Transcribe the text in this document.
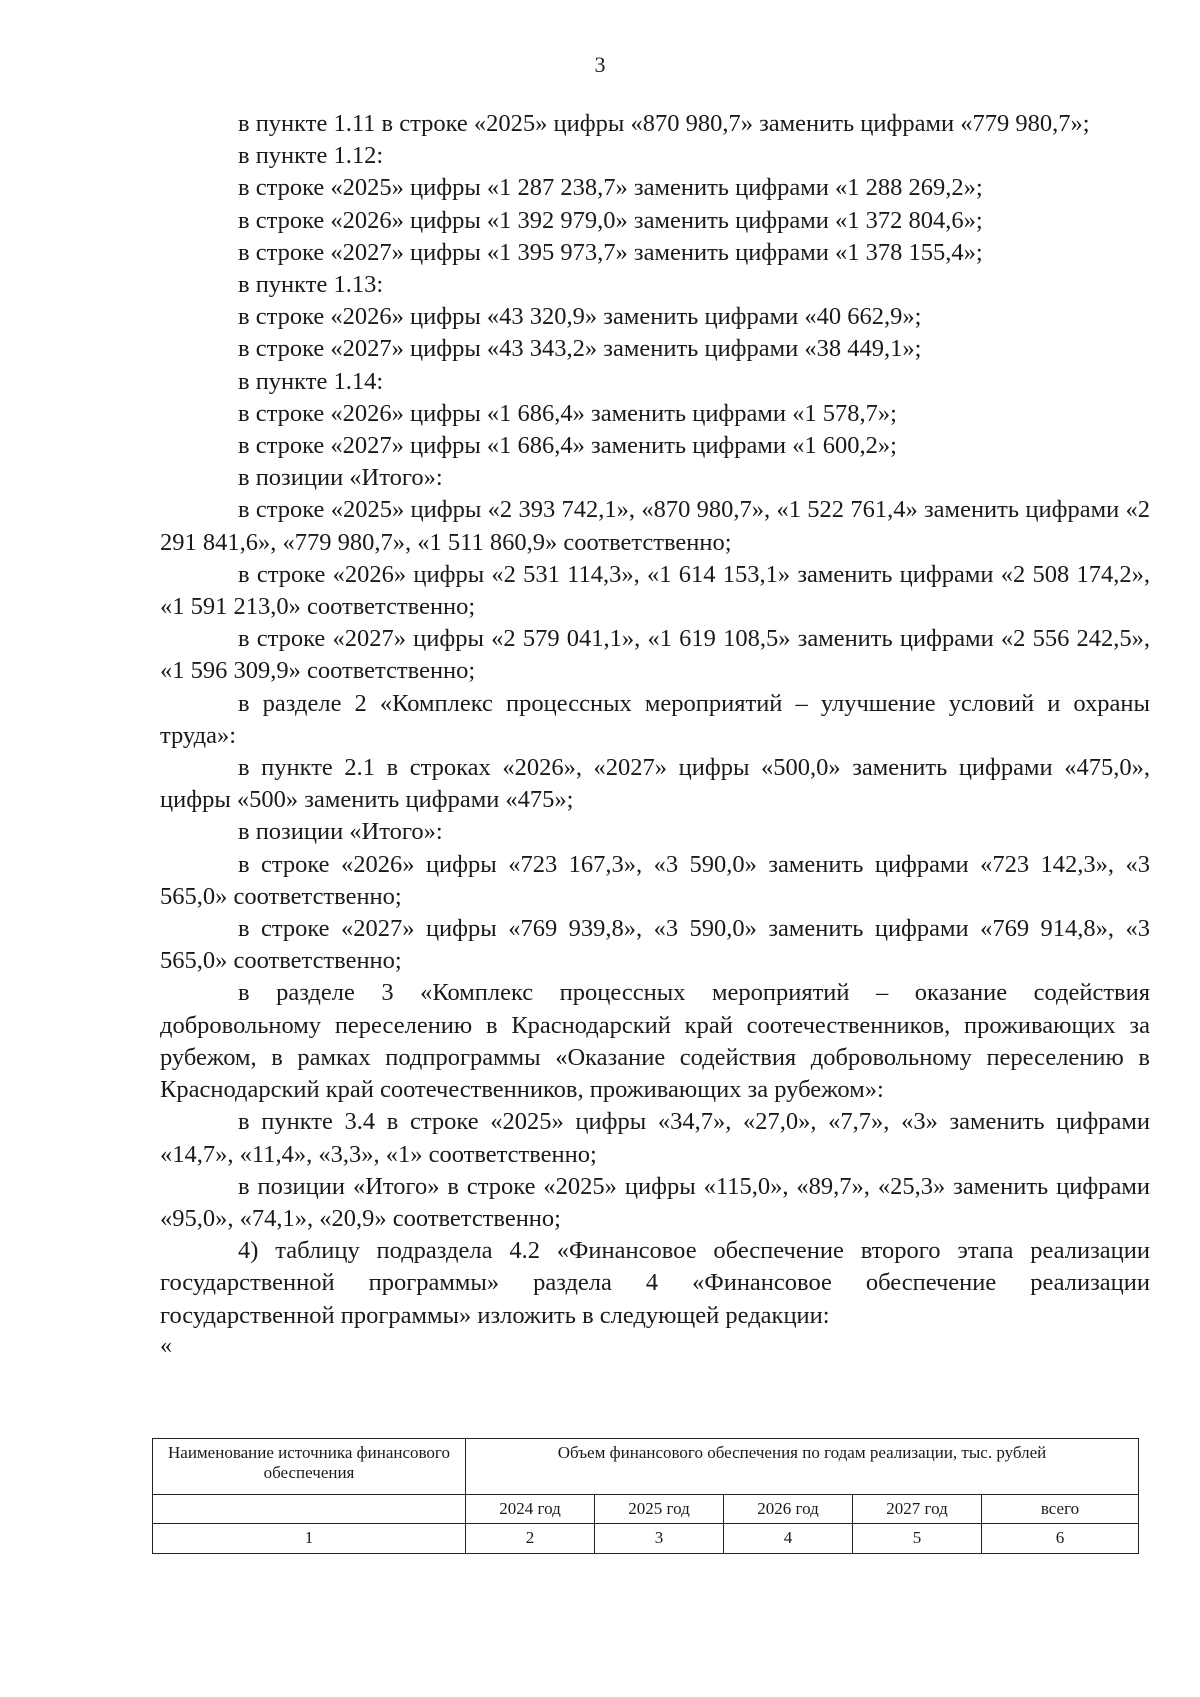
3

в пункте 1.11 в строке «2025» цифры «870 980,7» заменить цифрами «779 980,7»;

в пункте 1.12:

в строке «2025» цифры «1 287 238,7» заменить цифрами «1 288 269,2»;

в строке «2026» цифры «1 392 979,0» заменить цифрами «1 372 804,6»;

в строке «2027» цифры «1 395 973,7» заменить цифрами «1 378 155,4»;

в пункте 1.13:

в строке «2026» цифры «43 320,9» заменить цифрами «40 662,9»;

в строке «2027» цифры «43 343,2» заменить цифрами «38 449,1»;

в пункте 1.14:

в строке «2026» цифры «1 686,4» заменить цифрами «1 578,7»;

в строке «2027» цифры «1 686,4» заменить цифрами «1 600,2»;

в позиции «Итого»:

в строке «2025» цифры «2 393 742,1», «870 980,7», «1 522 761,4» заменить цифрами «2 291 841,6», «779 980,7», «1 511 860,9» соответственно;

в строке «2026» цифры «2 531 114,3», «1 614 153,1» заменить цифрами «2 508 174,2», «1 591 213,0» соответственно;

в строке «2027» цифры «2 579 041,1», «1 619 108,5» заменить цифрами «2 556 242,5», «1 596 309,9» соответственно;

в разделе 2 «Комплекс процессных мероприятий – улучшение условий и охраны труда»:

в пункте 2.1 в строках «2026», «2027» цифры «500,0» заменить цифрами «475,0», цифры «500» заменить цифрами «475»;

в позиции «Итого»:

в строке «2026» цифры «723 167,3», «3 590,0» заменить цифрами «723 142,3», «3 565,0» соответственно;

в строке «2027» цифры «769 939,8», «3 590,0» заменить цифрами «769 914,8», «3 565,0» соответственно;

в разделе 3 «Комплекс процессных мероприятий – оказание содействия добровольному переселению в Краснодарский край соотечественников, проживающих за рубежом, в рамках подпрограммы «Оказание содействия добровольному переселению в Краснодарский край соотечественников, проживающих за рубежом»:

в пункте 3.4 в строке «2025» цифры «34,7», «27,0», «7,7», «3» заменить цифрами «14,7», «11,4», «3,3», «1» соответственно;

в позиции «Итого» в строке «2025» цифры «115,0», «89,7», «25,3» заменить цифрами «95,0», «74,1», «20,9» соответственно;

4) таблицу подраздела 4.2 «Финансовое обеспечение второго этапа реализации государственной программы» раздела 4 «Финансовое обеспечение реализации государственной программы» изложить в следующей редакции:

«

Наименование источника финансового обеспечения	Объем финансового обеспечения по годам реализации, тыс. рублей				
	2024 год	2025 год	2026 год	2027 год	всего
1	2	3	4	5	6
